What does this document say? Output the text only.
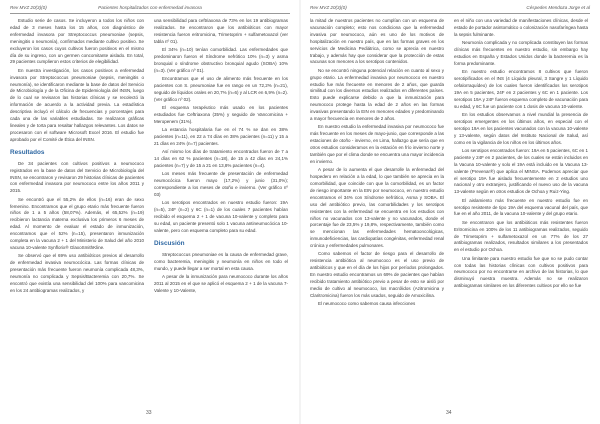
Rev MVZ 20(3)(0)	Pacientes hospitalizados con enfermedad invasora

Estudio serie de casos. Se incluyeron a todos los niños con edad de 3 meses hasta los 15 años, con diagnóstico de enfermedad invasora por Streptococcus pneumoniae (sepsis, meningitis o neumonía), confirmados mediante cultivo positivo. Se excluyeron los casos cuyos cultivos fueron positivos en el mismo día de su ingreso, con un germen concomitante aislado. En total, 29 pacientes cumplieron estos criterios de elegibilidad.

En nuestra investigación, los casos positivos a enfermedad invasora por Streptococcus pneumoniae (sepsis, meningitis o neumonía), se identificaron mediante la base de datos del Servicio de Microbiología y de la Oficina de Epidemiología del INSN, luego de lo cual se revisaron las historias clínicas y se recolectó la información de acuerdo a la actividad previa. La estadística descriptiva incluyó el cálculo de frecuencias y porcentajes para cada una de las variables estudiadas. Se realizaron gráficas lineales y de torta para resaltar hallazgos relevantes. Los datos se procesaron con el software Microsoft Excel 2016. El estudio fue aprobado por el Comité de Ética del INSN.

Resultados

De 34 pacientes con cultivos positivos a neumococo registrados en la base de datos del Servicio de Microbiología del INSN, se encontraron y revisaron 29 historias clínicas de pacientes con enfermedad invasora por neumococo entre los años 2011 y 2015.

Se encontró que el 55,2% de ellos (n=16) eran de sexo femenino. Encontramos que el grupo etario más frecuente fueron niños de 1 a 5 años (58,07%). Además, el 65,52% (n=19) recibieron lactancia materna exclusiva los primeros 6 meses de edad. Al momento de evaluar el estado de inmunización, encontramos que el 52% (n=15), presentaron inmunización completa en la vacuna 2 + 1 del Ministerio de Salud del año 2010 vacuna 10-valente Synflorix® GlaxoSmithKline.

Se observó que el 69% uso antibióticos previos al desarrollo de enfermedad invasiva neumocócica. Las formas clínicas de presentación más frecuente fueron neumonía complicada 48,3%, neumonía no complicada y Sepsis/Bacteremia con 20,7%. Se encontró que existía una sensibilidad del 100% para vancomicina en los 24 antibiogramas realizados, y

una sensibilidad para ceftriaxona de 73% en los 19 antibiogramas realizados. Se encontraron que los antibióticos con mayor resistencia fueron eritromicina, Trimetoprim + sulfametoxazol (ver tabla nº 01).

El 34% (n=10) tenían comorbilidad. Las enfermedades que predominaron fueron el Síndrome nefrótico 10% (n=3) y asma bronquial o síndrome obstructivo bronquial agudo (SOBA) 10% (n=3). (Ver gráfico nº 01).

Encontramos que el uso de alimento más frecuente en los pacientes con S. pneumoniae fue en rango en un 72,2% (n=21), seguido de líquidos orales en 20,7% (n=6) y al LCR en 6,9% (n=2). (Ver gráfico nº 02).

El esquema terapéutico más usado en los pacientes estudiados fue Ceftriaxona (35%) y seguido de Vancomicina + Meropenem (31%).

La estancia hospitalaria fue en el 74 % se dan en 38% pacientes (n=11), en 22 a 74 días en 38% pacientes (n=11) y 15 a 21 días en 24% (n=7) pacientes.

Así mismo los días de tratamiento encontrados fueron de 7 a 14 días en 62 % pacientes (n=18), de 15 a 42 días en 24,1% pacientes (n=7) y de 15 a 21 en 13,8% pacientes (n=4).

Los meses más frecuente de presentación de enfermedad neumocócica fueron mayo (17,2%) y junio (31,0%); correspondiente a los meses de otoño e invierno. (Ver gráfico nº 03)

Los serotipos encontrados en nuestro estudio fueron: 19A (n=5), 24F (n=2) y 6C (n=1) de los cuales 7 pacientes habían recibido el esquema 2 + 1 de vacuna 10-valente y completo para su edad, un paciente presentó solo 1 vacuna antineumocócica 10-valente, pero con esquema completo para su edad.

Discusión

Streptococcus pneumoniae es la causa de enfermedad grave, como bacteremia, meningitis y neumonía en niños en todo el mundo, y puede llegar a ser mortal en esta causa.

A pesar de la inmunización para neumococo durante los años 2011 al 2015 en el que se aplicó el esquema 2 + 1 de la vacuna 7-Valente y 10-Valente,

33
Rev MVZ 20(3)(0)	Céspedes Mendoza Jorge et al

la mitad de nuestros pacientes no cumplían con un esquema de vacunación completo; esto nos condiciona que la enfermedad invasiva por neumococo, aún es uno de los motivos de hospitalización en nuestro país, que en las formas graves en los servicios de Medicina Pediátrica, como se aprecia en nuestro trabajo, y además hay que considerar que la protección de estas vacunas son menores a los serotipos contenidos.

No se encontró ninguna potencial relación en cuanto al sexo y grupo etario. La enfermedad invasiva por neumococo en nuestro estudio fue más frecuente en menores de 2 años, que guarda similitud con los diversos estudios realizados en diferentes países. Esto puede explicarse debido a que la inmunización para neumococo protege hasta la edad de 2 años en las formas invasivas presentando la EIN en menores edades y predominando a mayor frecuencia en menores de 2 años.

En nuestro estudio la enfermedad invasiva por neumococo fue más frecuente en los meses de mayo-junio, que corresponde a las estaciones de otoño - invierno, en Lima, hallazgo que sería que en otros estudios consideramos en la estación en frío invierno norte y también que por el clima donde se encuentra una mayor incidencia en invierno.

A pesar de lo aumenta el que desarrolle la enfermedad del hospedero en relación a la edad, lo que también se aprecia en la comorbilidad, que coincide con que la comorbilidad, es un factor de riesgo importante en la EIN por neumococo, en nuestro estudio encontramos el 34% con Síndrome nefrótico, Asma y SOBA. El uso del antibiótico previo, las comorbilidades y los serotipos resistentes con la enfermedad se encuentra en los estudios con niños no vacunados con 13-valente y no vacunados, donde el porcentaje fue de 23,5% y 19,8%, respectivamente, también como se mencionan las enfermedades hematooncológicas, inmunodeficiencias, las cardiopatías congénitas, enfermedad renal crónica y enfermedades pulmonares.

Como sabemos el factor de riesgo para el desarrollo de resistencia antibiótica al neumococo es el uso previo de antibióticos y que en el día de los hijos por períodos prolongados. En nuestro estudio encontramos un 69% de pacientes que habían recibido tratamiento antibiótico previo a pesar de esto se aisló por medio de cultivo al neumococo, los macrólidos (Azitromicina y Claritromicina) fueron los más usados, seguido de Amoxicilina.

El neumococo como sabemos causa infecciones

en el niño con una variedad de manifestaciones clínicas, desde el estado de portador asintomático o colonización nasofaríngea hasta la sepsis fulminante.

Neumonía complicada y no complicada constituyen las formas clínicas más frecuentes en nuestro estudio, sin embargo hay estudios en España y Estados Unidos donde la bacteremia es la forma predominante.

En nuestro estudio encontramos 8 cultivos que fueron serotipificados en el INS (4 Líquido pleural, 3 Sangre y 1 Líquido cefalorraquídeo) de los cuales fueron identificados los serotipos 19A en 5 pacientes, 24F en 2 pacientes y 6C en 1 paciente. Los serotipos 19A y 24F fueron esquema completo de vacunación para su edad, y 6C fue un paciente con 1 dosis de vacuna 10-valente.

En los estudios observamos a nivel mundial la presencia de serotipos emergentes en los últimos años, en especial con el serotipo 19A en los pacientes vacunados con la vacuna 10-valente y 13-valente, según datos del Instituto Nacional de Salud, así como en la vigilancia de los niños en los últimos años.

Los serotipos encontrados fueron: 19A en 5 pacientes, 6C en 1 paciente y 24F en 2 pacientes, de los cuales se están incluidos en la Vacuna 10-valente y solo el 19A está incluido en la Vacuna 13-valente (Prevenar®) que aplica el MINSA. Podemos apreciar que el serotipo 19A fue aislado frecuentemente en 2 estudios uno nacional y otro extranjero, justificando el nuevo uso de la vacuna 13-valente según en otros estudios de Ochoa y Ruiz-Ying.

El aislamiento más frecuente en nuestro estudio fue en serotipo resistente de tipo 19A del esquema vacunal del país, que fue en el año 2011, de la vacuna 10-valente y del grupo etario.

Se encontraron que los antibióticos más resistentes fueron Eritromicina en 100% de los 11 antibiogramas realizados, seguido de Trimetoprim + sulfametoxazol en un 77% de los 27 antibiogramas realizados, resultados similares a los presentados en el estudio por Ochoa.

Una limitante para nuestro estudio fue que no se pudo contar con todas las historias clínicas con cultivos positivos para neumococo por no encontrarse en archivo de las historias, lo que disminuyó nuestra muestra. Además no se realizaron antibiogramas similares en los diferentes cultivos por ello se fue

34
